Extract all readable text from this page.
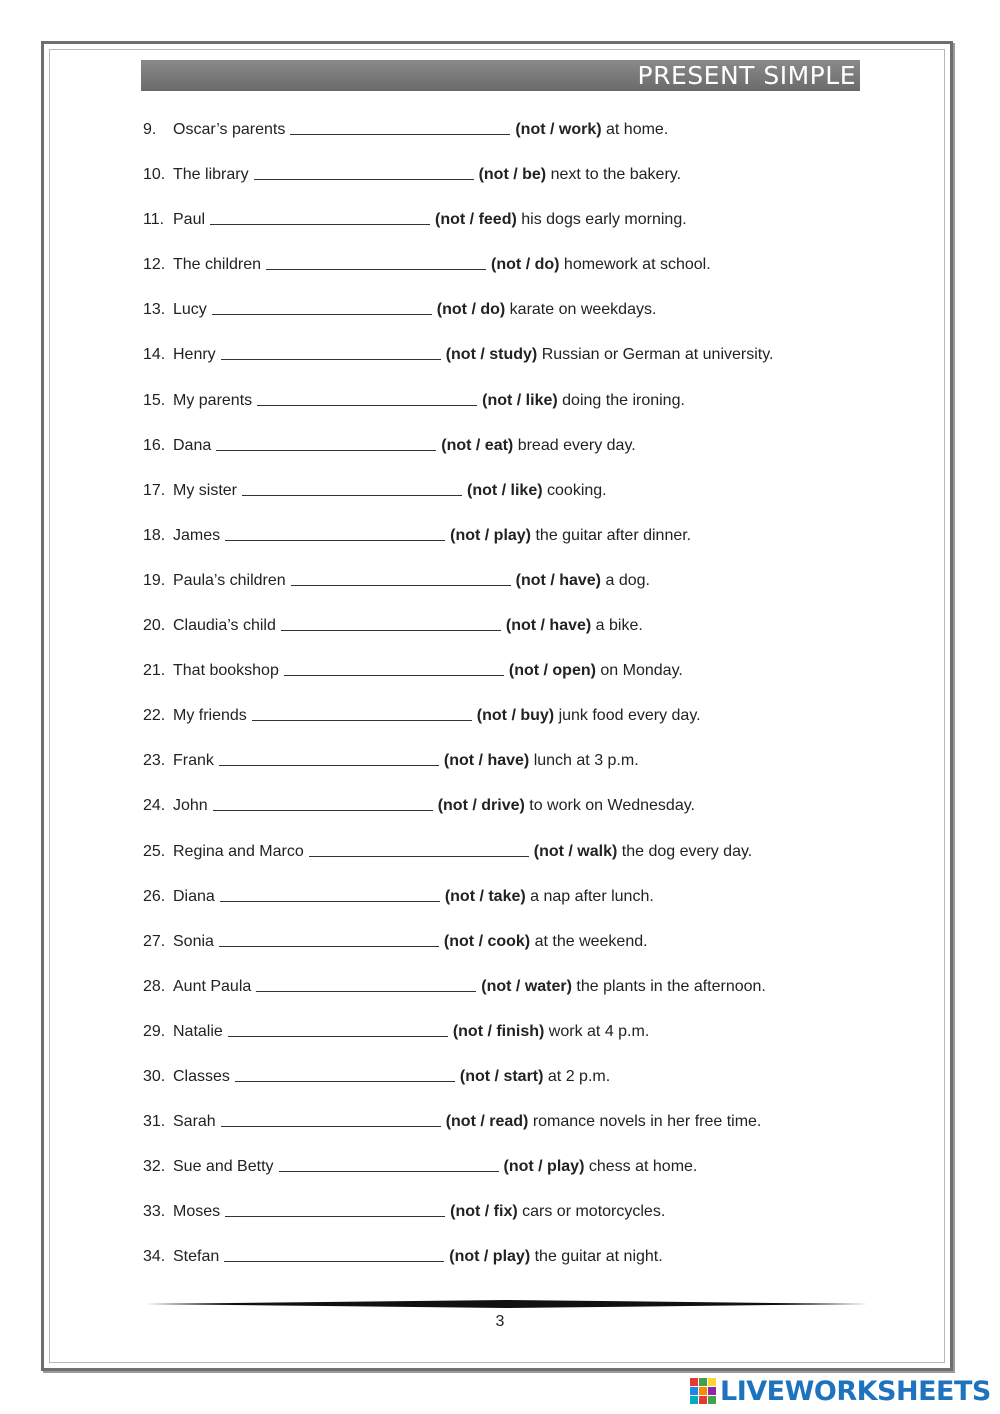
PRESENT SIMPLE
9.	Oscar’s parents	(not / work)
at home.
10. The library	(not / be)
next to the bakery.
11. Paul	(not / feed)
his dogs early morning.
12. The children	(not / do)
homework at school.
13. Lucy	(not / do)
karate on weekdays.
14. Henry	(not / study)
Russian or German at university.
15. My parents	(not / like)
doing the ironing.
16. Dana	(not / eat)
bread every day.
17. My sister	(not / like)
cooking.
18. James	(not / play)
the guitar after dinner.
19. Paula’s children	(not / have)
a dog.
20. Claudia’s child	(not / have)
a bike.
21. That bookshop	(not / open)
on Monday.
22. My friends	(not / buy)
junk food every day.
23. Frank	(not / have)
lunch at 3 p.m.
24. John	(not / drive)
to work on Wednesday.
25. Regina and Marco	(not / walk)
the dog every day.
26. Diana	(not / take)
a nap after lunch.
27. Sonia	(not / cook)
at the weekend.
28. Aunt Paula	(not / water)
the plants in the afternoon.
29. Natalie	(not / finish)
work at 4 p.m.
30. Classes	(not / start)
at 2 p.m.
31. Sarah	(not / read)
romance novels in her free time.
32. Sue and Betty	(not / play)
chess at home.
33. Moses	(not / fix)
cars or motorcycles.
34. Stefan	(not / play)
the guitar at night.
3
LIVEWORKSHEETS
